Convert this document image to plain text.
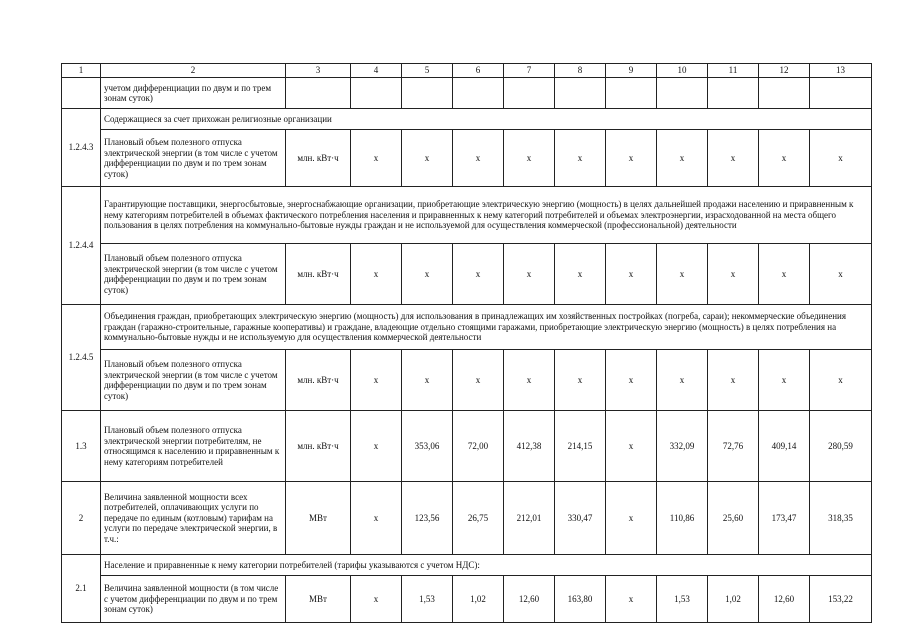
1	2	3	4	5	6	7	8	9	10	11	12	13
	учетом дифференциации по двум и по трем зонам суток)											
1.2.4.3	Содержащиеся за счет прихожан религиозные организации											
	Плановый объем полезного отпуска электрической энергии (в том числе с учетом дифференциации по двум и по трем зонам суток)	млн. кВт·ч	х	х	х	х	х	х	х	х	х	х
1.2.4.4	Гарантирующие поставщики, энергосбытовые, энергоснабжающие организации, приобретающие электрическую энергию (мощность) в целях дальнейшей продажи населению и приравненным к нему категориям потребителей в объемах фактического потребления населения и приравненных к нему категорий потребителей и объемах электроэнергии, израсходованной на места общего пользования в целях потребления на коммунально-бытовые нужды граждан и не используемой для осуществления коммерческой (профессиональной) деятельности											
	Плановый объем полезного отпуска электрической энергии (в том числе с учетом дифференциации по двум и по трем зонам суток)	млн. кВт·ч	х	х	х	х	х	х	х	х	х	х
1.2.4.5	Объединения граждан, приобретающих электрическую энергию (мощность) для использования в принадлежащих им хозяйственных постройках (погреба, сараи); некоммерческие объединения граждан (гаражно-строительные, гаражные кооперативы) и граждане, владеющие отдельно стоящими гаражами, приобретающие электрическую энергию (мощность) в целях потребления на коммунально-бытовые нужды и не используемую для осуществления коммерческой деятельности											
	Плановый объем полезного отпуска электрической энергии (в том числе с учетом дифференциации по двум и по трем зонам суток)	млн. кВт·ч	х	х	х	х	х	х	х	х	х	х
1.3	Плановый объем полезного отпуска электрической энергии потребителям, не относящимся к населению и приравненным к нему категориям потребителей	млн. кВт·ч	х	353,06	72,00	412,38	214,15	х	332,09	72,76	409,14	280,59
2	Величина заявленной мощности всех потребителей, оплачивающих услуги по передаче по единым (котловым) тарифам на услуги по передаче электрической энергии, в т.ч.:	МВт	х	123,56	26,75	212,01	330,47	х	110,86	25,60	173,47	318,35
2.1	Население и приравненные к нему категории потребителей (тарифы указываются с учетом НДС):											
	Величина заявленной мощности (в том числе с учетом дифференциации по двум и по трем зонам суток)	МВт	х	1,53	1,02	12,60	163,80	х	1,53	1,02	12,60	153,22
